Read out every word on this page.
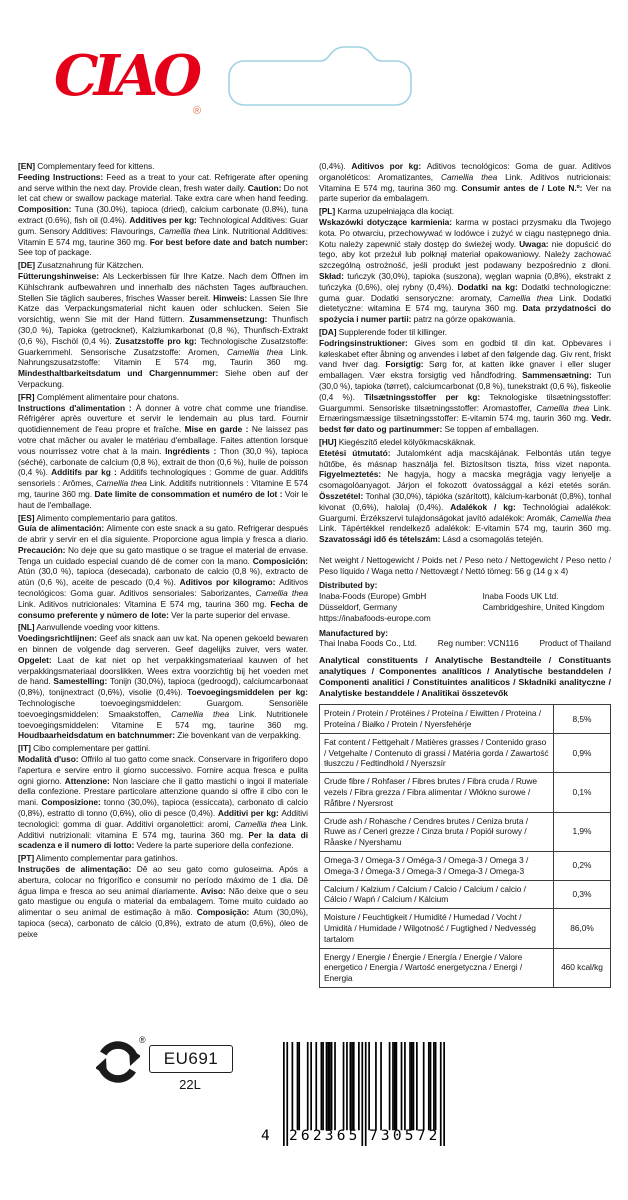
CIAO
®
[EN] Complementary feed for kittens.
Feeding Instructions: Feed as a treat to your cat. Refrigerate after opening and serve within the next day. Provide clean, fresh water daily. Caution: Do not let cat chew or swallow package material. Take extra care when hand feeding. Composition: Tuna (30.0%), tapioca (dried), calcium carbonate (0.8%), tuna extract (0.6%), fish oil (0.4%). Additives per kg: Technological Additives: Guar gum. Sensory Additives: Flavourings, Camellia thea Link. Nutritional Additives: Vitamin E 574 mg, taurine 360 mg. For best before date and batch number: See top of package.
[DE] Zusatznahrung für Kätzchen.
Fütterungshinweise: Als Leckerbissen für Ihre Katze. Nach dem Öffnen im Kühlschrank aufbewahren und innerhalb des nächsten Tages aufbrauchen. Stellen Sie täglich sauberes, frisches Wasser bereit. Hinweis: Lassen Sie Ihre Katze das Verpackungsmaterial nicht kauen oder schlucken. Seien Sie vorsichtig, wenn Sie mit der Hand füttern. Zusammensetzung: Thunfisch (30,0 %), Tapioka (getrocknet), Kalziumkarbonat (0,8 %), Thunfisch-Extrakt (0,6 %), Fischöl (0,4 %). Zusatzstoffe pro kg: Technologische Zusatzstoffe: Guarkernmehl. Sensorische Zusatzstoffe: Aromen, Camellia thea Link. Nahrungszusatzstoffe: Vitamin E 574 mg, Taurin 360 mg. Mindesthaltbarkeitsdatum und Chargennummer: Siehe oben auf der Verpackung.
[FR] Complément alimentaire pour chatons.
Instructions d'alimentation : À donner à votre chat comme une friandise. Réfrigérer après ouverture et servir le lendemain au plus tard. Fournir quotidiennement de l'eau propre et fraîche. Mise en garde : Ne laissez pas votre chat mâcher ou avaler le matériau d'emballage. Faites attention lorsque vous nourrissez votre chat à la main. Ingrédients : Thon (30,0 %), tapioca (séché), carbonate de calcium (0,8 %), extrait de thon (0,6 %), huile de poisson (0,4 %). Additifs par kg : Additifs technologiques : Gomme de guar. Additifs sensoriels : Arômes, Camellia thea Link. Additifs nutritionnels : Vitamine E 574 mg, taurine 360 mg. Date limite de consommation et numéro de lot : Voir le haut de l'emballage.
[ES] Alimento complementario para gatitos.
Guía de alimentación: Alimente con este snack a su gato. Refrigerar después de abrir y servir en el día siguiente. Proporcione agua limpia y fresca a diario. Precaución: No deje que su gato mastique o se trague el material de envase. Tenga un cuidado especial cuando dé de comer con la mano. Composición: Atún (30,0 %), tapioca (desecada), carbonato de calcio (0,8 %), extracto de atún (0,6 %), aceite de pescado (0,4 %). Aditivos por kilogramo: Aditivos tecnológicos: Goma guar. Aditivos sensoriales: Saborizantes, Camellia thea Link. Aditivos nutricionales: Vitamina E 574 mg, taurina 360 mg. Fecha de consumo preferente y número de lote: Ver la parte superior del envase.
[NL] Aanvullende voeding voor kittens.
Voedingsrichtlijnen: Geef als snack aan uw kat. Na openen gekoeld bewaren en binnen de volgende dag serveren. Geef dagelijks zuiver, vers water. Opgelet: Laat de kat niet op het verpakkingsmateriaal kauwen of het verpakkingsmateriaal doorslikken. Wees extra voorzichtig bij het voeden met de hand. Samestelling: Tonijn (30,0%), tapioca (gedroogd), calciumcarbonaat (0,8%), tonijnextract (0,6%), visolie (0,4%). Toevoegingsmiddelen per kg: Technologische toevoegingsmiddelen: Guargom. Sensoriële toevoegingsmiddelen: Smaakstoffen, Camellia thea Link. Nutritionele toevoegingsmiddelen: Vitamine E 574 mg, taurine 360 mg. Houdbaarheidsdatum en batchnummer: Zie bovenkant van de verpakking.
[IT] Cibo complementare per gattini.
Modalità d'uso: Offrilo al tuo gatto come snack. Conservare in frigorifero dopo l'apertura e servire entro il giorno successivo. Fornire acqua fresca e pulita ogni giorno. Attenzione: Non lasciare che il gatto mastichi o ingoi il materiale della confezione. Prestare particolare attenzione quando si offre il cibo con le mani. Composizione: tonno (30,0%), tapioca (essiccata), carbonato di calcio (0,8%), estratto di tonno (0,6%), olio di pesce (0,4%). Additivi per kg: Additivi tecnologici: gomma di guar. Additivi organolettici: aromi, Camellia thea Link. Additivi nutrizionali: vitamina E 574 mg, taurina 360 mg. Per la data di scadenza e il numero di lotto: Vedere la parte superiore della confezione.
[PT] Alimento complementar para gatinhos.
Instruções de alimentação: Dê ao seu gato como guloseima. Após a abertura, colocar no frigorífico e consumir no período máximo de 1 dia. Dê água limpa e fresca ao seu animal diariamente. Aviso: Não deixe que o seu gato mastigue ou engula o material da embalagem. Tome muito cuidado ao alimentar o seu animal de estimação à mão. Composição: Atum (30,0%), tapioca (seca), carbonato de cálcio (0,8%), extrato de atum (0,6%), óleo de peixe
(0,4%). Aditivos por kg: Aditivos tecnológicos: Goma de guar. Aditivos organoléticos: Aromatizantes, Camellia thea Link. Aditivos nutricionais: Vitamina E 574 mg, taurina 360 mg. Consumir antes de / Lote N.º: Ver na parte superior da embalagem.
[PL] Karma uzupełniająca dla kociąt.
Wskazówki dotyczące karmienia: karma w postaci przysmaku dla Twojego kota. Po otwarciu, przechowywać w lodówce i zużyć w ciągu następnego dnia. Kotu należy zapewnić stały dostęp do świeżej wody. Uwaga: nie dopuścić do tego, aby kot przeżuł lub połknął materiał opakowaniowy. Należy zachować szczególną ostrożność, jeśli produkt jest podawany bezpośrednio z dłoni. Skład: tuńczyk (30,0%), tapioka (suszona), węglan wapnia (0,8%), ekstrakt z tuńczyka (0,6%), olej rybny (0,4%). Dodatki na kg: Dodatki technologiczne: guma guar. Dodatki sensoryczne: aromaty, Camellia thea Link. Dodatki dietetyczne: witamina E 574 mg, tauryna 360 mg. Data przydatności do spożycia i numer partii: patrz na górze opakowania.
[DA] Supplerende foder til killinger.
Fodringsinstruktioner: Gives som en godbid til din kat. Opbevares i køleskabet efter åbning og anvendes i løbet af den følgende dag. Giv rent, friskt vand hver dag. Forsigtig: Sørg for, at katten ikke gnaver i eller sluger emballagen. Vær ekstra forsigtig ved håndfodring. Sammensætning: Tun (30,0 %), tapioka (tørret), calciumcarbonat (0,8 %), tunekstrakt (0,6 %), fiskeolie (0,4 %). Tilsætningsstoffer per kg: Teknologiske tilsætningsstoffer: Guargummi. Sensoriske tilsætningsstoffer: Aromastoffer, Camellia thea Link. Ernæringsmæssige tilsætningsstoffer: E-vitamin 574 mg, taurin 360 mg. Vedr. bedst før dato og partinummer: Se toppen af emballagen.
[HU] Kiegészítő eledel kölyökmacskáknak.
Etetési útmutató: Jutalomként adja macskájának. Felbontás után tegye hűtőbe, és másnap használja fel. Biztosítson tiszta, friss vizet naponta. Figyelmeztetés: Ne hagyja, hogy a macska megrágja vagy lenyelje a csomagolóanyagot. Járjon el fokozott óvatossággal a kézi etetés során. Összetétel: Tonhal (30,0%), tápióka (szárított), kálcium-karbonát (0,8%), tonhal kivonat (0,6%), halolaj (0,4%). Adalékok / kg: Technológiai adalékok: Guargumi. Érzékszervi tulajdonságokat javító adalékok: Aromák, Camellia thea Link. Tápértékkel rendelkező adalékok: E-vitamin 574 mg, taurin 360 mg. Szavatossági idő és tételszám: Lásd a csomagolás tetején.
Net weight / Nettogewicht / Poids net / Peso neto / Nettogewicht / Peso netto / Peso líquido / Waga netto / Nettovægt / Nettó tömeg: 56 g (14 g x 4)
Distributed by:
Inaba-Foods (Europe) GmbH
Düsseldorf, Germany
https://inabafoods-europe.com
Inaba Foods UK Ltd.
Cambridgeshire, United Kingdom
Manufactured by:
Thai Inaba Foods Co., Ltd. Reg number: VCN116 Product of Thailand
Analytical constituents / Analytische Bestandteile / Constituants analytiques / Componentes analíticos / Analytische bestanddelen / Componenti analitici / Constituintes analiticos / Składniki analityczne / Analytiske bestanddele / Analitikai összetevők
Protein / Protein / Protéines / Proteína / Eiwitten / Proteina / Proteína / Białko / Protein / Nyersfehérje
8,5%
Fat content / Fettgehalt / Matières grasses / Contenido graso / Vetgehalte / Contenuto di grassi / Matéria gorda / Zawartość tłuszczu / Fedtindhold / Nyerszsír
0,9%
Crude fibre / Rohfaser / Fibres brutes / Fibra cruda / Ruwe vezels / Fibra grezza / Fibra alimentar / Włókno surowe / Råfibre / Nyersrost
0,1%
Crude ash / Rohasche / Cendres brutes / Ceniza bruta / Ruwe as / Ceneri grezze / Cinza bruta / Popiół surowy / Råaske / Nyershamu
1,9%
Omega-3 / Omega-3 / Oméga-3 / Omega-3 / Omega 3 / Omega-3 / Ómega-3 / Omega-3 / Omega-3 / Omega-3
0,2%
Calcium / Kalzium / Calcium / Calcio / Calcium / calcio / Cálcio / Wapń / Calcium / Kálcium
0,3%
Moisture / Feuchtigkeit / Humidité / Humedad / Vocht / Umidità / Humidade / Wilgotność / Fugtighed / Nedvesség tartalom
86,0%
Energy / Energie / Énergie / Energía / Energie / Valore energetico / Energia / Wartość energetyczna / Energi / Energia
460 kcal/kg
®
EU691
22L
4 262365 730572
